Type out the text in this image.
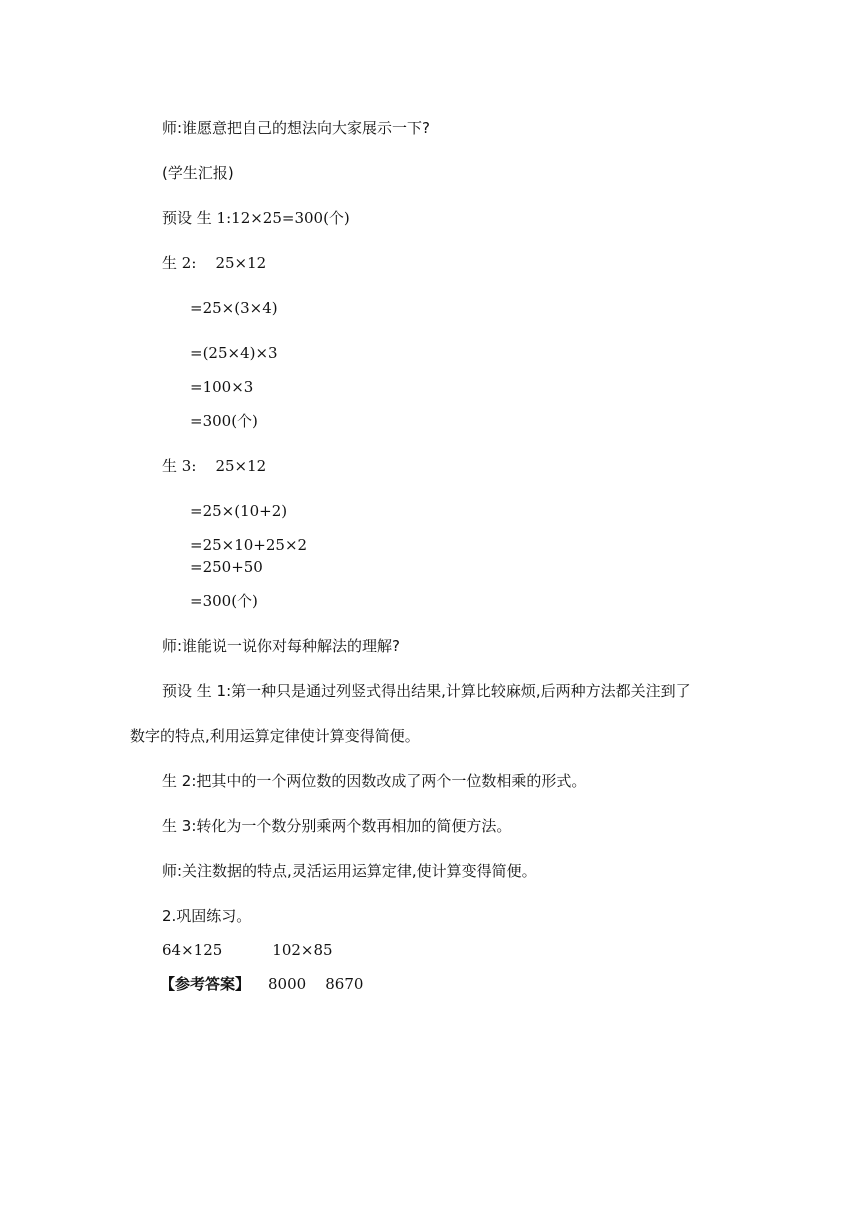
师:谁愿意把自己的想法向大家展示一下?
(学生汇报)
预设 生 1:12×25=300(个)
生 2:    25×12
=25×(3×4)
=(25×4)×3
=100×3
=300(个)
生 3:    25×12
=25×(10+2)
=25×10+25×2
=250+50
=300(个)
师:谁能说一说你对每种解法的理解?
预设 生 1:第一种只是通过列竖式得出结果,计算比较麻烦,后两种方法都关注到了
数字的特点,利用运算定律使计算变得简便。
生 2:把其中的一个两位数的因数改成了两个一位数相乘的形式。
生 3:转化为一个数分别乘两个数再相加的简便方法。
师:关注数据的特点,灵活运用运算定律,使计算变得简便。
2.巩固练习。
64×125	102×85
【参考答案】 8000    8670
